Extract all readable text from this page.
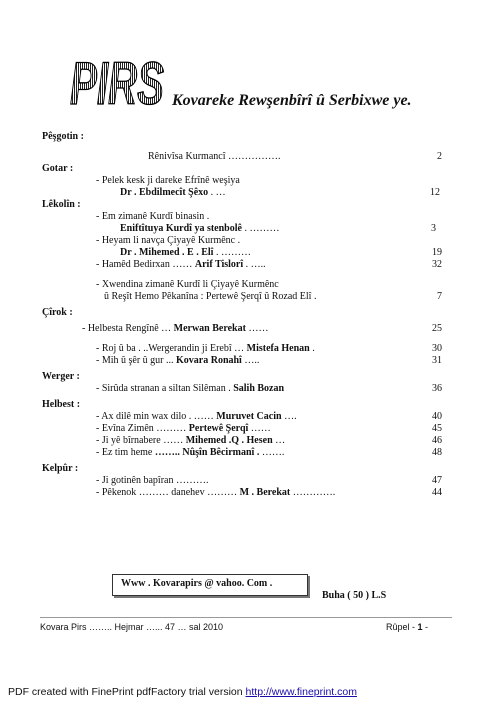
PIRS Kovareke Rewşenbîrî û Serbixwe ye.
Pêşgotin :
Rênivîsa Kurmancî …………….	2
Gotar :
- Pelek kesk ji dareke Efrînê weşiya
Dr . Ebdilmecît Şêxo . …	12
Lêkolîn :
- Em zimanê Kurdî binasin .
Eniftîtuya Kurdî ya stenbolê . ………	3
- Heyam li navça Çiyayê Kurmênc .
Dr . Mihemed . E . Elî . ………	19
- Hamêd Bedirxan …… Arif Tislorî . …..	32
- Xwendina zimanê Kurdî li Çiyayê Kurmênc
û Reşît Hemo Pêkanîna : Pertewê Şerqî û Rozad Elî .	7
Çîrok :
- Helbesta Rengînê … Merwan Berekat ……	25
- Roj û ba . ..Wergerandin ji Erebî … Mistefa Henan .	30
- Mih û şêr û gur ... Kovara Ronahî …..	31
Werger :
- Sirûda stranan a siltan Silêman . Salih Bozan	36
Helbest :
- Ax dilê min wax dilo . …… Muruvet Cacin ….	40
- Evîna Zimên ……… Pertewê Şerqî ……	45
- Ji yê bîrnabere …… Mihemed .Q . Hesen …	46
- Ez tim heme …….. Nûşîn Bêcirmanî . …….	48
Kelpûr :
- Ji gotinên bapîran ……….	47
- Pêkenok ……… danehev ……… M . Berekat ………….	44
Www . Kovarapirs @ vahoo. Com .
Buha ( 50 ) L.S
Kovara Pirs …….. Hejmar …... 47 … sal 2010	Rûpel - 1 -
PDF created with FinePrint pdfFactory trial version http://www.fineprint.com
